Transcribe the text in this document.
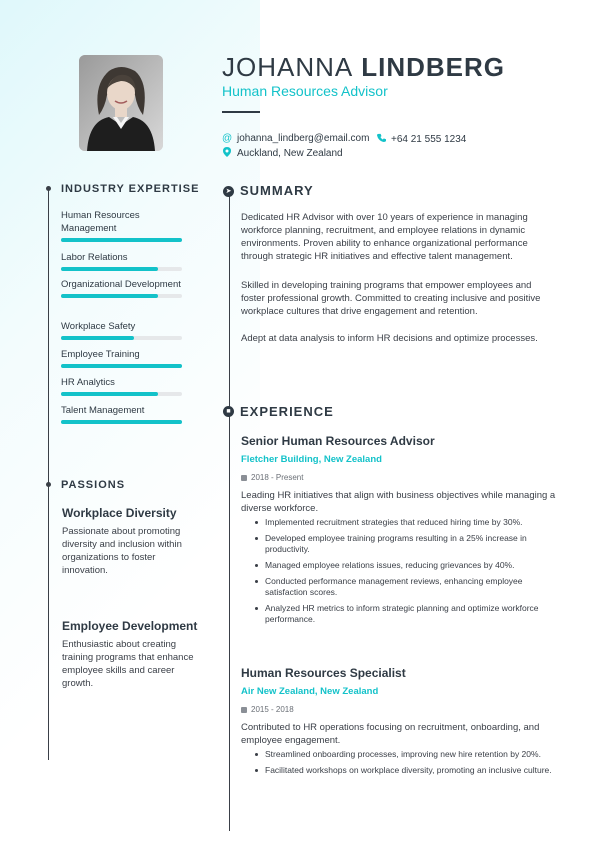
JOHANNA LINDBERG
Human Resources Advisor
@ johanna_lindberg@email.com +64 21 555 1234
Auckland, New Zealand
INDUSTRY EXPERTISE
Human Resources Management
Labor Relations
Organizational Development
Workplace Safety
Employee Training
HR Analytics
Talent Management
PASSIONS
Workplace Diversity
Passionate about promoting diversity and inclusion within organizations to foster innovation.
Employee Development
Enthusiastic about creating training programs that enhance employee skills and career growth.
➤ SUMMARY
Dedicated HR Advisor with over 10 years of experience in managing workforce planning, recruitment, and employee relations in dynamic environments. Proven ability to enhance organizational performance through strategic HR initiatives and effective talent management.
Skilled in developing training programs that empower employees and foster professional growth. Committed to creating inclusive and positive workplace cultures that drive engagement and retention.
Adept at data analysis to inform HR decisions and optimize processes.
■ EXPERIENCE
Senior Human Resources Advisor
Fletcher Building, New Zealand
2018 - Present
Leading HR initiatives that align with business objectives while managing a diverse workforce.
Implemented recruitment strategies that reduced hiring time by 30%.
Developed employee training programs resulting in a 25% increase in productivity.
Managed employee relations issues, reducing grievances by 40%.
Conducted performance management reviews, enhancing employee satisfaction scores.
Analyzed HR metrics to inform strategic planning and optimize workforce performance.
Human Resources Specialist
Air New Zealand, New Zealand
2015 - 2018
Contributed to HR operations focusing on recruitment, onboarding, and employee engagement.
Streamlined onboarding processes, improving new hire retention by 20%.
Facilitated workshops on workplace diversity, promoting an inclusive culture.
